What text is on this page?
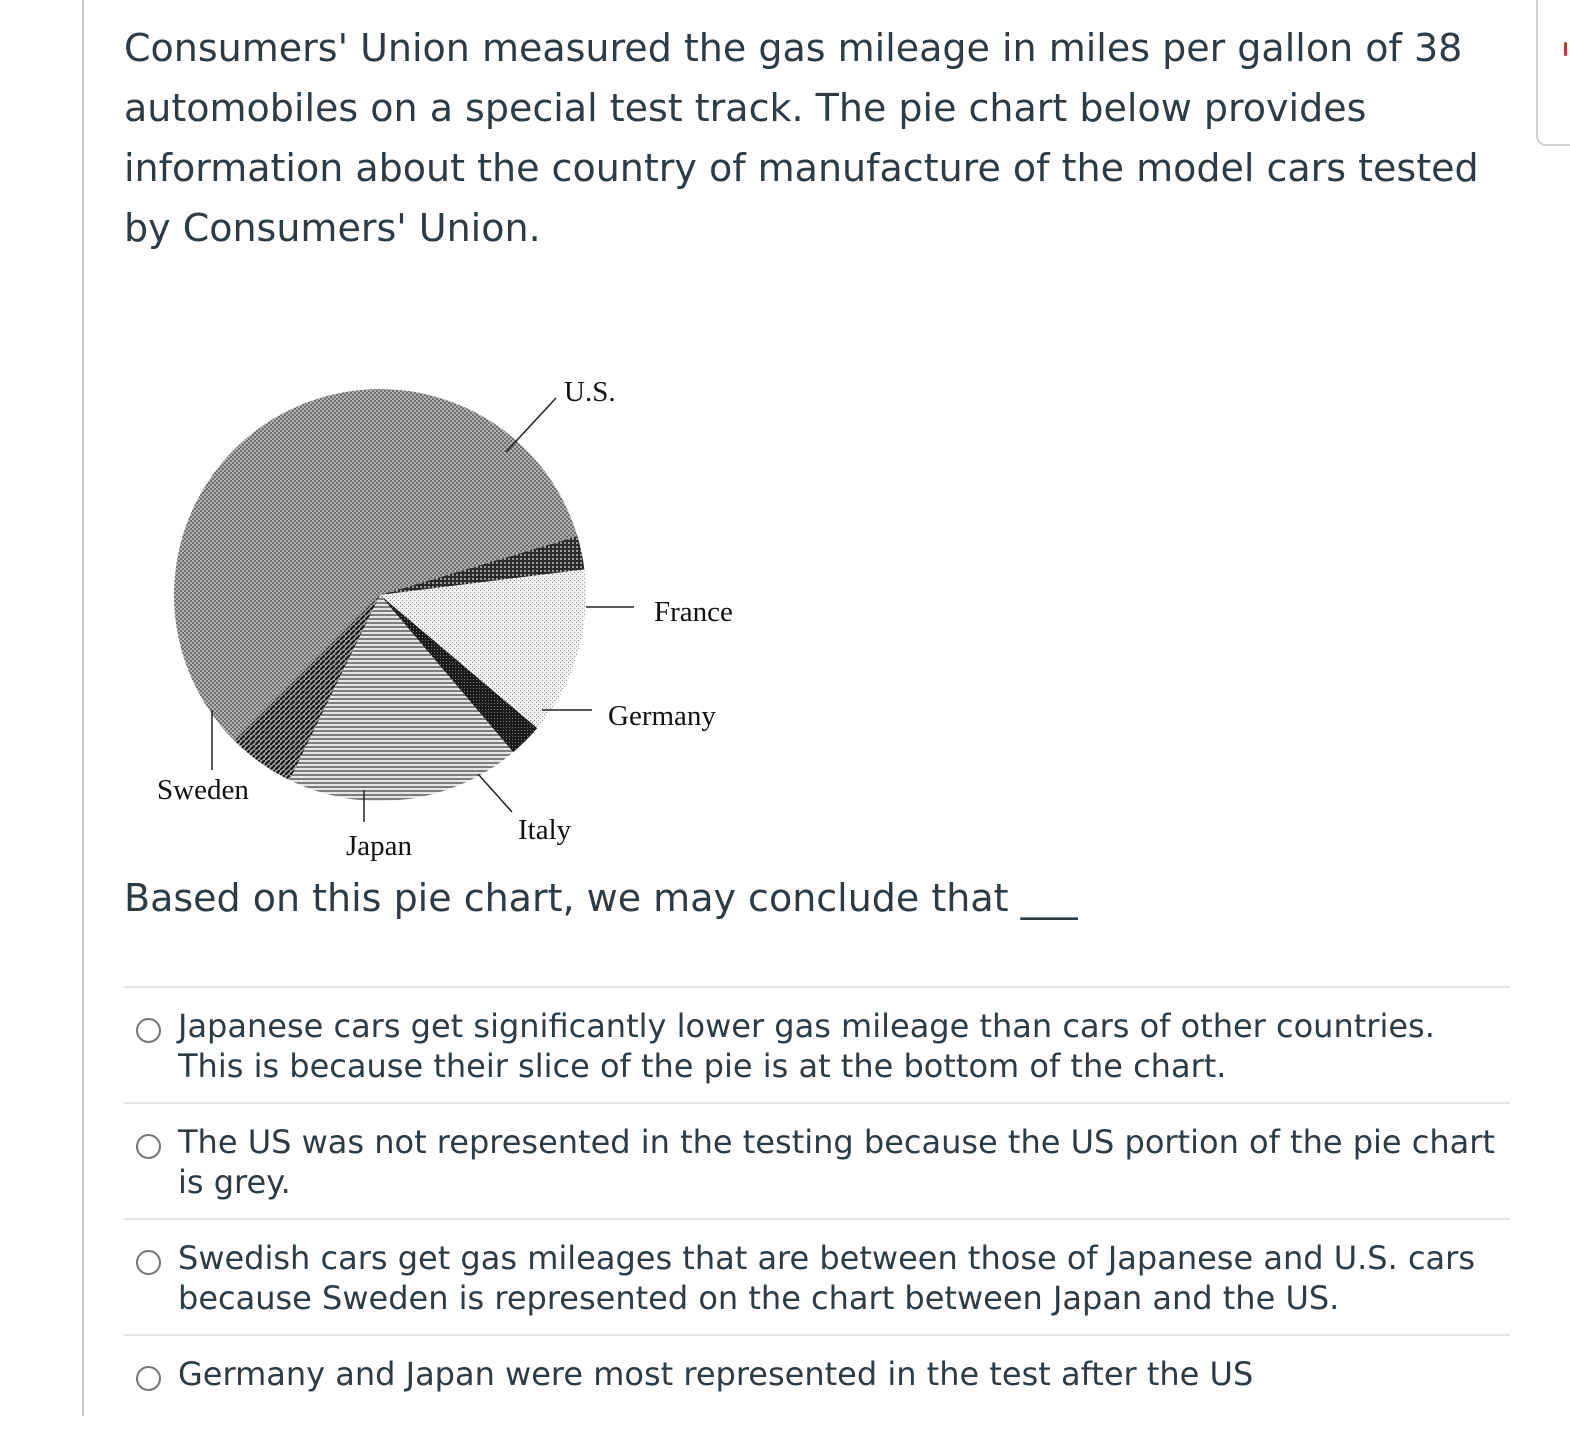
Consumers' Union measured the gas mileage in miles per gallon of 38 automobiles on a special test track. The pie chart below provides information about the country of manufacture of the model cars tested by Consumers' Union.

U.S.
France
Germany
Italy
Japan
Sweden

Based on this pie chart, we may conclude that ___

Japanese cars get significantly lower gas mileage than cars of other countries. This is because their slice of the pie is at the bottom of the chart.
The US was not represented in the testing because the US portion of the pie chart is grey.
Swedish cars get gas mileages that are between those of Japanese and U.S. cars because Sweden is represented on the chart between Japan and the US.
Germany and Japan were most represented in the test after the US
